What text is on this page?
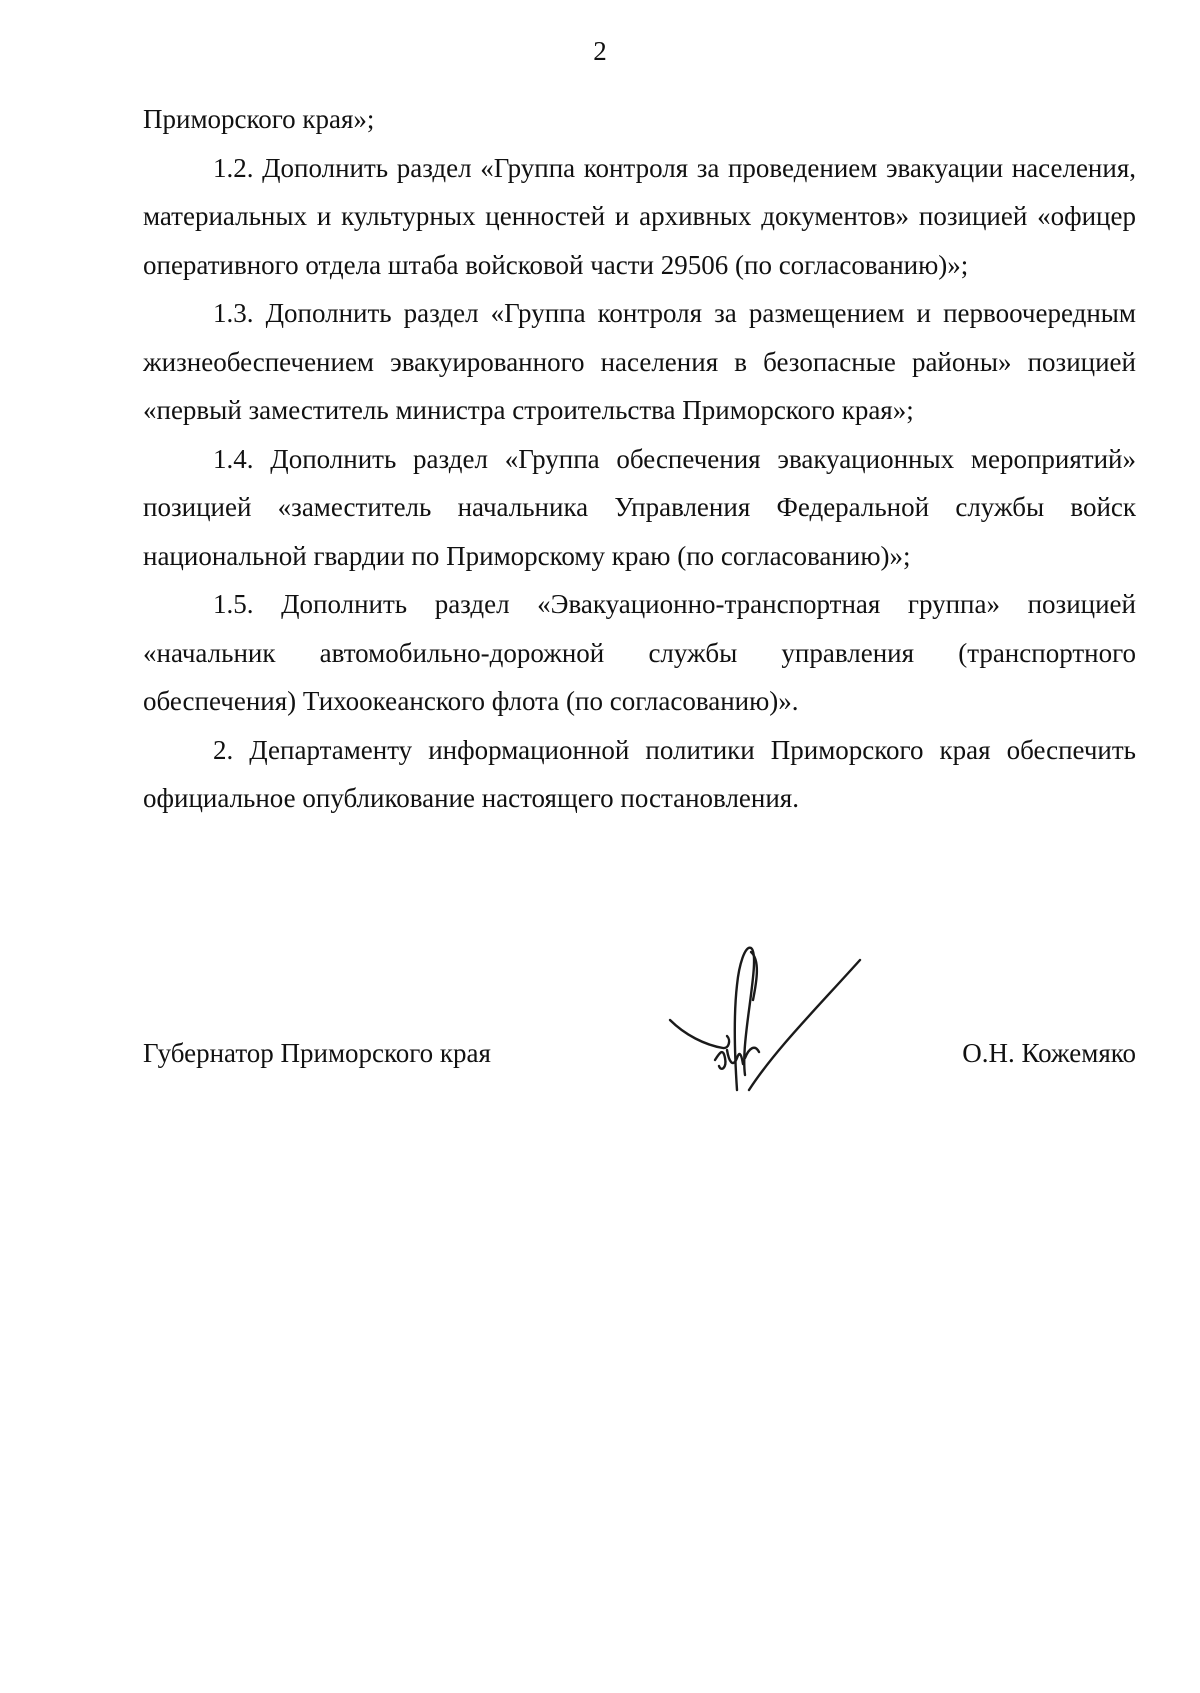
2

Приморского края»;

1.2. Дополнить раздел «Группа контроля за проведением эвакуации населения, материальных и культурных ценностей и архивных документов» позицией «офицер оперативного отдела штаба войсковой части 29506 (по согласованию)»;

1.3. Дополнить раздел «Группа контроля за размещением и первоочередным жизнеобеспечением эвакуированного населения в безопасные районы» позицией «первый заместитель министра строительства Приморского края»;

1.4. Дополнить раздел «Группа обеспечения эвакуационных мероприятий» позицией «заместитель начальника Управления Федеральной службы войск национальной гвардии по Приморскому краю (по согласованию)»;

1.5. Дополнить раздел «Эвакуационно-транспортная группа» позицией «начальник автомобильно-дорожной службы управления (транспортного обеспечения) Тихоокеанского флота (по согласованию)».

2. Департаменту информационной политики Приморского края обеспечить официальное опубликование настоящего постановления.

Губернатор Приморского края	О.Н. Кожемяко
